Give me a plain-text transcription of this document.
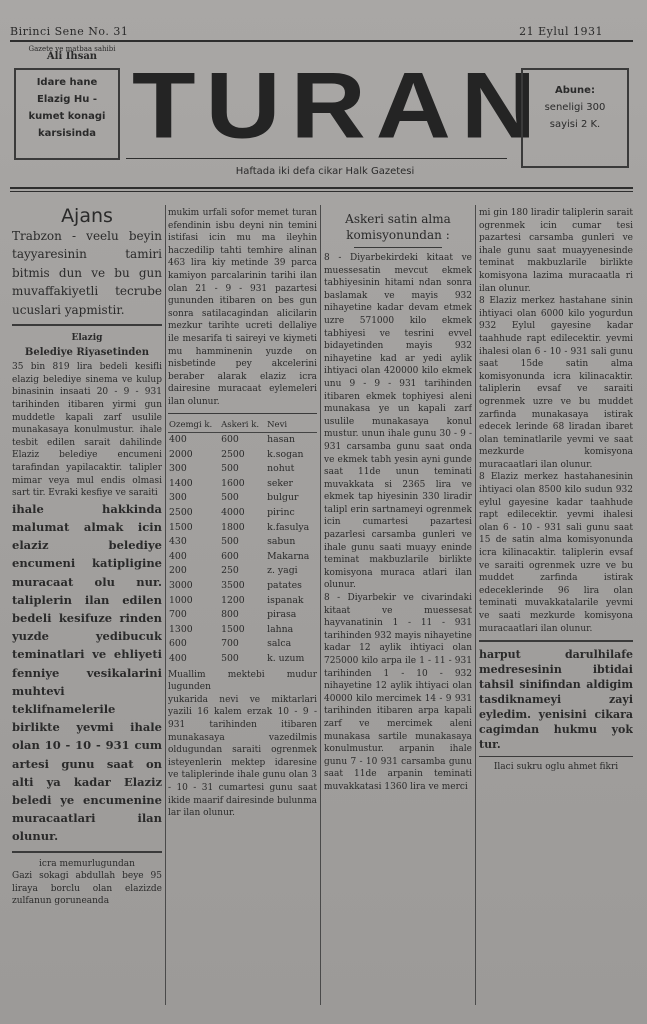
Birinci Sene No. 31	21 Eylul 1931
Gazete ve matbaa sahibi
Ali Ihsan
Idare hane
Elazig Hu -
kumet konagi
karsisinda TURAN Abune:
seneligi 300
sayisi 2 K.
Haftada iki defa cikar Halk Gazetesi
Ajans

Trabzon - veelu beyin tayyaresinin tamiri bitmis dun ve bu gun muvaffakiyetli tecrube ucuslari yapmistir.

Elazig
Belediye Riyasetinden

35 bin 819 lira bedeli kesifli elazig belediye sinema ve kulup binasinin insaati 20 - 9 - 931 tarihinden itibaren yirmi gun muddetle kapali zarf usulile munakasaya konulmustur. ihale tesbit edilen sarait dahilinde Elaziz belediye encumeni tarafindan yapilacaktir. talipler mimar veya mul endis olmasi sart tir. Evraki kesfiye ve saraiti

ihale hakkinda malumat almak icin elaziz belediye encumeni katipligine muracaat olu nur. taliplerin ilan edilen bedeli kesifuze rinden yuzde yedibucuk teminatlari ve ehliyeti fenniye vesikalarini muhtevi teklifnamelerile birlikte yevmi ihale olan 10 - 10 - 931 cum artesi gunu saat on alti ya kadar Elaziz beledi ye encumenine muracaatlari ilan olunur.

icra memurlugundan

Gazi sokagi abdullah beye 95 liraya borclu olan elazizde zulfanun goruneanda

mukim urfali sofor memet turan efendinin isbu deyni nin temini istifasi icin mu ma ileyhin haczedilip tahti temhire alinan 463 lira kiy metinde 39 parca kamiyon parcalarinin tarihi ilan olan 21 - 9 - 931 pazartesi gununden itibaren on bes gun sonra satilacagindan alicilarin mezkur tarihte ucreti dellaliye ile mesarifa ti saireyi ve kiymeti mu hamminenin yuzde on nisbetinde pey akcelerini beraber alarak elaziz icra dairesine muracaat eylemeleri ilan olunur.

Ozemgi k.	Askeri k.	Nevi
400	600	hasan
2000	2500	k.sogan
300	500	nohut
1400	1600	seker
300	500	bulgur
2500	4000	pirinc
1500	1800	k.fasulya
430	500	sabun
400	600	Makarna
200	250	z. yagi
3000	3500	patates
1000	1200	ispanak
700	800	pirasa
1300	1500	lahna
600	700	salca
400	500	k. uzum

Muallim mektebi mudur lugunden

yukarida nevi ve miktarlari yazili 16 kalem erzak 10 - 9 - 931 tarihinden itibaren munakasaya vazedilmis oldugundan saraiti ogrenmek isteyenlerin mektep idaresine ve taliplerinde ihale gunu olan 3 - 10 - 31 cumartesi gunu saat ikide maarif dairesinde bulunma lar ilan olunur.

Askeri satin alma komisyonundan :

8 - Diyarbekirdeki kitaat ve muessesatin mevcut ekmek tabhiyesinin hitami ndan sonra baslamak ve mayis 932 nihayetine kadar devam etmek uzre 571000 kilo ekmek tabhiyesi ve tesrini evvel bidayetinden mayis 932 nihayetine kad ar yedi aylik ihtiyaci olan 420000 kilo ekmek unu 9 - 9 - 931 tarihinden itibaren ekmek tophiyesi aleni munakasa ye un kapali zarf usulile munakasaya konul mustur. unun ihale gunu 30 - 9 - 931 carsamba gunu saat onda ve ekmek tabh yesin ayni gunde saat 11de unun teminati muvakkata si 2365 lira ve ekmek tap hiyesinin 330 liradir talipl erin sartnameyi ogrenmek icin cumartesi pazartesi pazarlesi carsamba gunleri ve ihale gunu saati muayy eninde teminat makbuzlarile birlikte komisyona muraca atlari ilan olunur.

8 - Diyarbekir ve civarindaki kitaat ve muessesat hayvanatinin 1 - 11 - 931 tarihinden 932 mayis nihayetine kadar 12 aylik ihtiyaci olan 725000 kilo arpa ile 1 - 11 - 931 tarihinden 1 - 10 - 932 nihayetine 12 aylik ihtiyaci olan 40000 kilo mercimek 14 - 9 931 tarihinden itibaren arpa kapali zarf ve mercimek aleni munakasa sartile munakasaya konulmustur. arpanin ihale gunu 7 - 10 931 carsamba gunu saat 11de arpanin teminati muvakkatasi 1360 lira ve merci

mi gin 180 liradir taliplerin sarait ogrenmek icin cumar tesi pazartesi carsamba gunleri ve ihale gunu saat muayyenesinde teminat makbuzlarile birlikte komisyona lazima muracaatla ri ilan olunur.

8 Elaziz merkez hastahane sinin ihtiyaci olan 6000 kilo yogurdun 932 Eylul gayesine kadar taahhude rapt edilecektir. yevmi ihalesi olan 6 - 10 - 931 sali gunu saat 15de satin alma komisyonunda icra kilinacaktir. taliplerin evsaf ve saraiti ogrenmek uzre ve bu muddet zarfinda munakasaya istirak edecek lerinde 68 liradan ibaret olan teminatlarile yevmi ve saat mezkurde komisyona muracaatlari ilan olunur.

8 Elaziz merkez hastahanesinin ihtiyaci olan 8500 kilo sudun 932 eylul gayesine kadar taahhude rapt edilecektir. yevmi ihalesi olan 6 - 10 - 931 sali gunu saat 15 de satin alma komisyonunda icra kilinacaktir. taliplerin evsaf ve saraiti ogrenmek uzre ve bu muddet zarfinda istirak edeceklerinde 96 lira olan teminati muvakkatalarile yevmi ve saati mezkurde komisyona muracaatlari ilan olunur.

harput darulhilafe medresesinin ibtidai tahsil sinifindan aldigim tasdiknameyi zayi eyledim. yenisini cikara cagimdan hukmu yok tur.

Ilaci sukru oglu ahmet fikri
